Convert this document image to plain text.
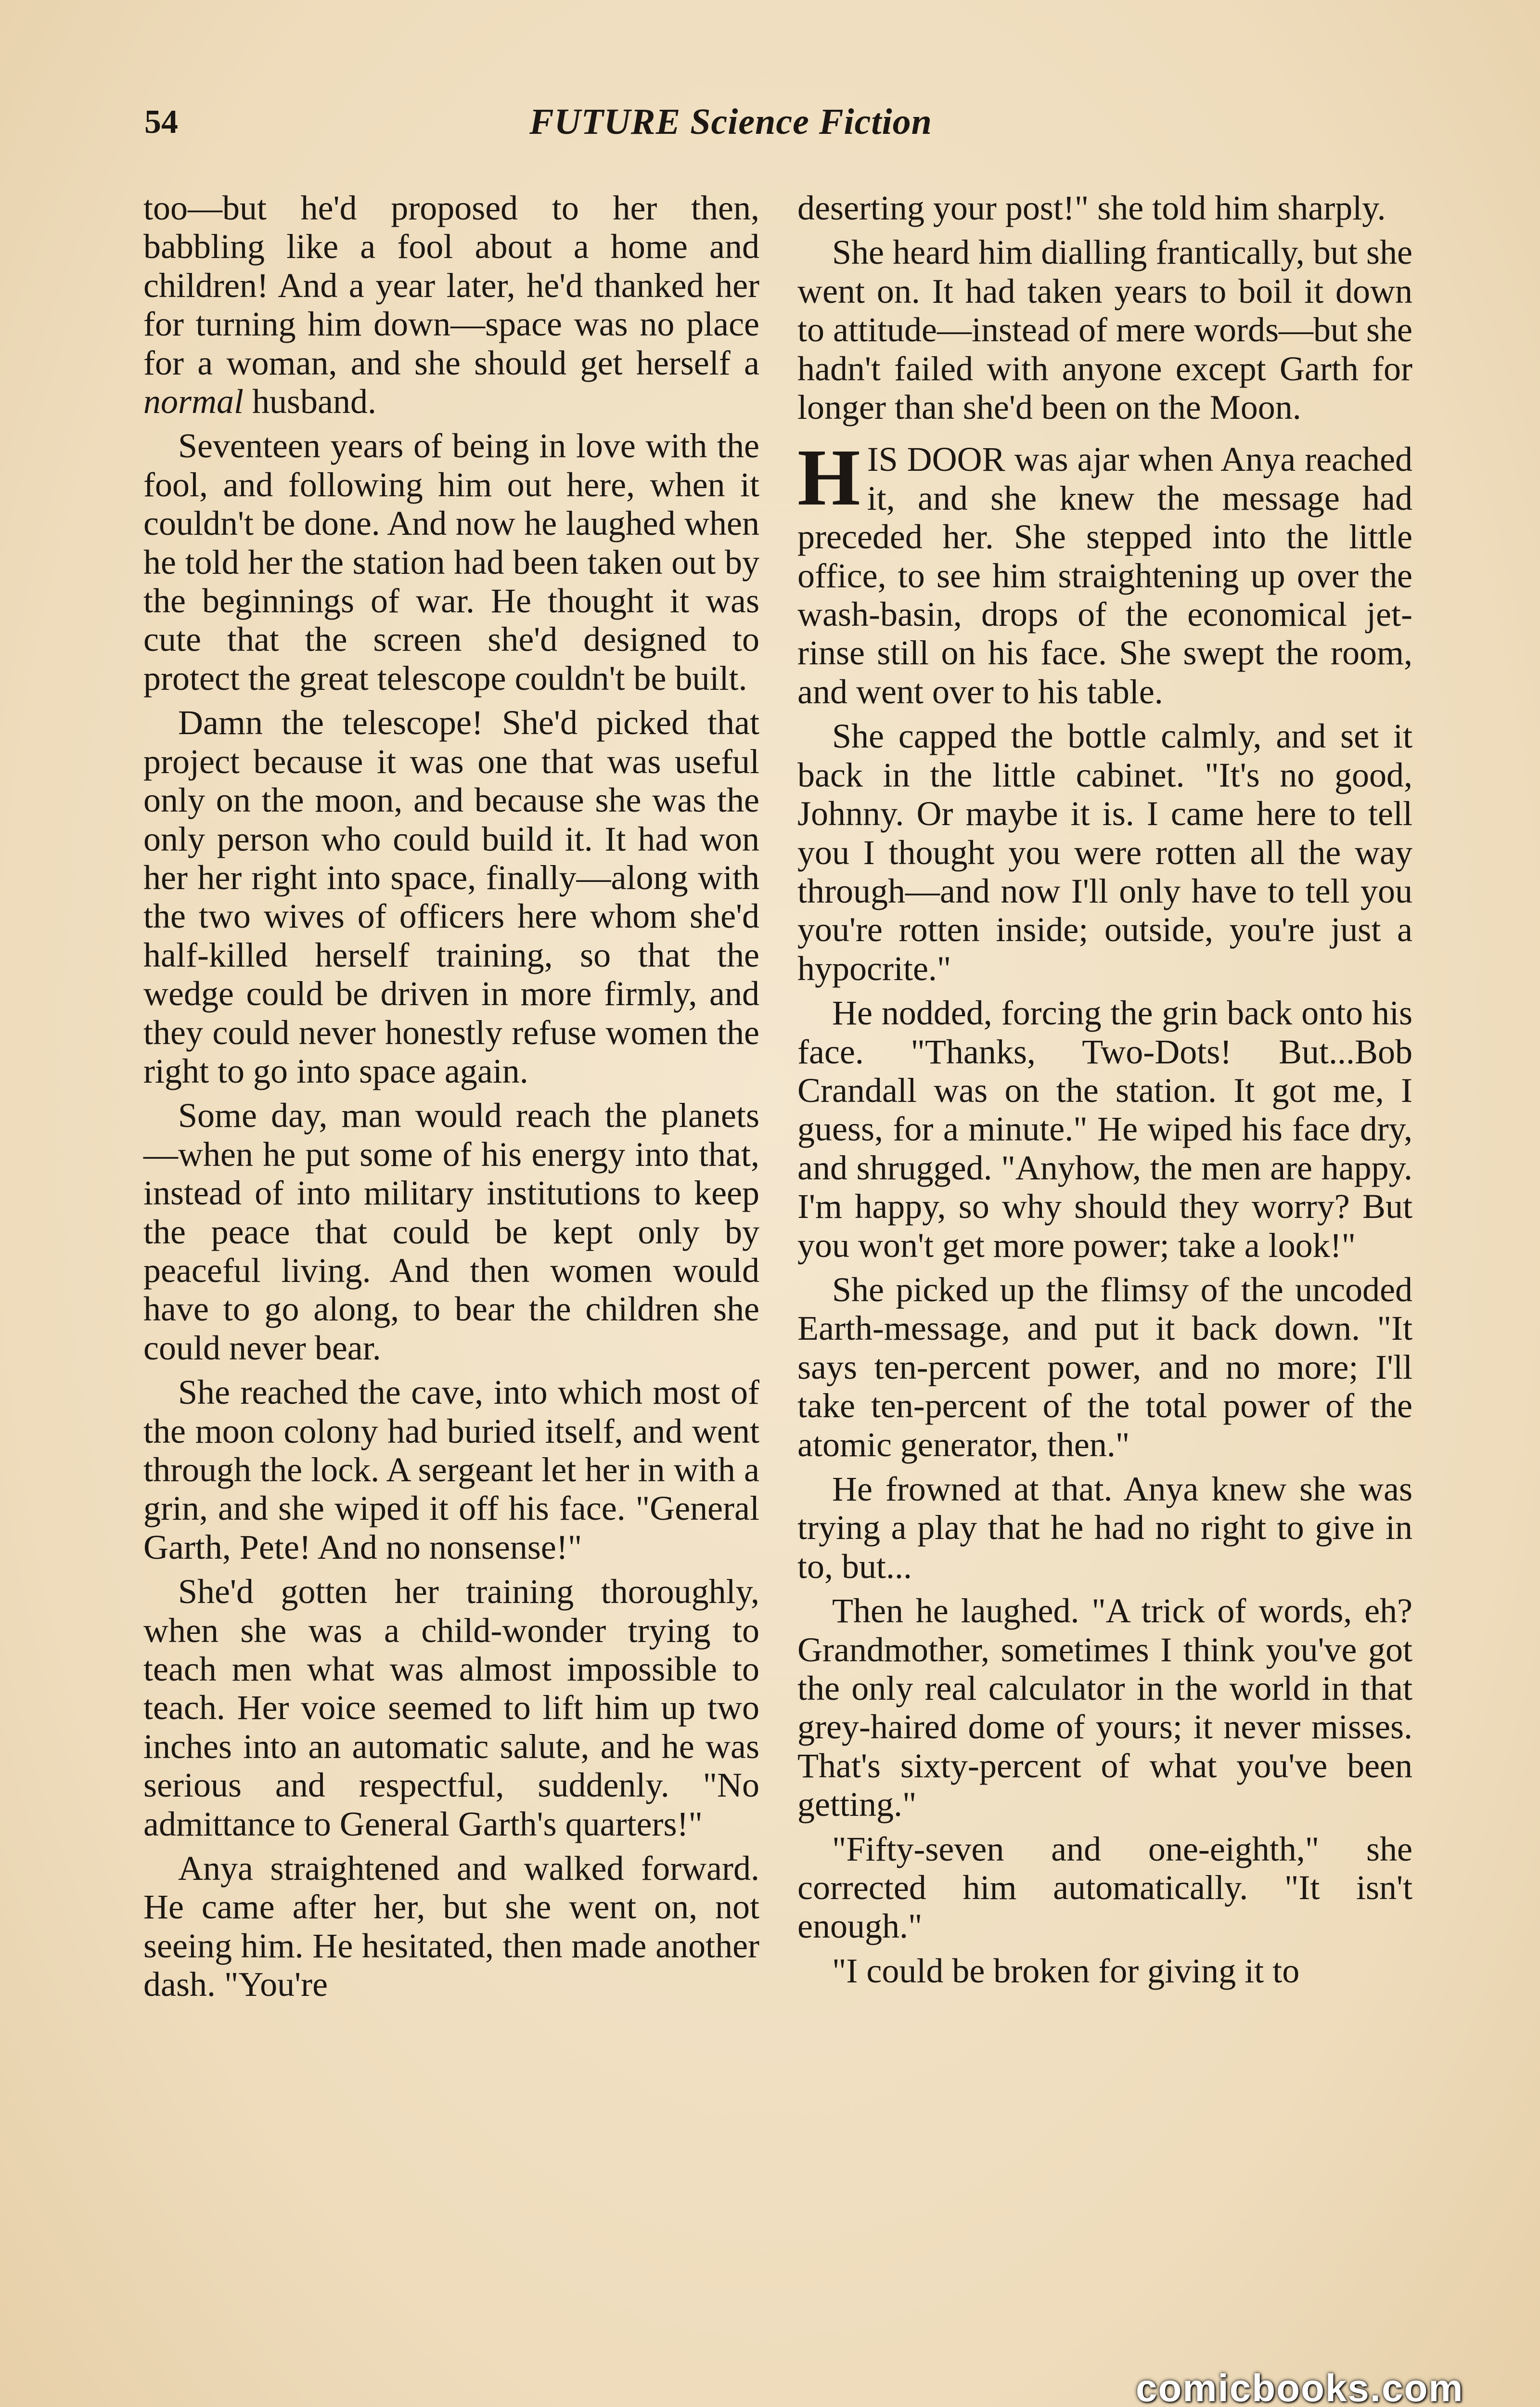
54	FUTURE Science Fiction

too—but he'd proposed to her then, babbling like a fool about a home and children! And a year later, he'd thanked her for turning him down—space was no place for a woman, and she should get herself a normal husband.

Seventeen years of being in love with the fool, and following him out here, when it couldn't be done. And now he laughed when he told her the station had been taken out by the beginnings of war. He thought it was cute that the screen she'd designed to protect the great telescope couldn't be built.

Damn the telescope! She'd picked that project because it was one that was useful only on the moon, and because she was the only person who could build it. It had won her her right into space, finally—along with the two wives of officers here whom she'd half-killed herself training, so that the wedge could be driven in more firmly, and they could never honestly refuse women the right to go into space again.

Some day, man would reach the planets—when he put some of his energy into that, instead of into military institutions to keep the peace that could be kept only by peaceful living. And then women would have to go along, to bear the children she could never bear.

She reached the cave, into which most of the moon colony had buried itself, and went through the lock. A sergeant let her in with a grin, and she wiped it off his face. "General Garth, Pete! And no nonsense!"

She'd gotten her training thoroughly, when she was a child-wonder trying to teach men what was almost impossible to teach. Her voice seemed to lift him up two inches into an automatic salute, and he was serious and respectful, suddenly. "No admittance to General Garth's quarters!"

Anya straightened and walked forward. He came after her, but she went on, not seeing him. He hesitated, then made another dash. "You're

deserting your post!" she told him sharply.

She heard him dialling frantically, but she went on. It had taken years to boil it down to attitude—instead of mere words—but she hadn't failed with anyone except Garth for longer than she'd been on the Moon.

HIS DOOR was ajar when Anya reached it, and she knew the message had preceded her. She stepped into the little office, to see him straightening up over the wash-basin, drops of the economical jet-rinse still on his face. She swept the room, and went over to his table.

She capped the bottle calmly, and set it back in the little cabinet. "It's no good, Johnny. Or maybe it is. I came here to tell you I thought you were rotten all the way through—and now I'll only have to tell you you're rotten inside; outside, you're just a hypocrite."

He nodded, forcing the grin back onto his face. "Thanks, Two-Dots! But...Bob Crandall was on the station. It got me, I guess, for a minute." He wiped his face dry, and shrugged. "Anyhow, the men are happy. I'm happy, so why should they worry? But you won't get more power; take a look!"

She picked up the flimsy of the uncoded Earth-message, and put it back down. "It says ten-percent power, and no more; I'll take ten-percent of the total power of the atomic generator, then."

He frowned at that. Anya knew she was trying a play that he had no right to give in to, but...

Then he laughed. "A trick of words, eh? Grandmother, sometimes I think you've got the only real calculator in the world in that grey-haired dome of yours; it never misses. That's sixty-percent of what you've been getting."

"Fifty-seven and one-eighth," she corrected him automatically. "It isn't enough."

"I could be broken for giving it to

comicbooks.com
